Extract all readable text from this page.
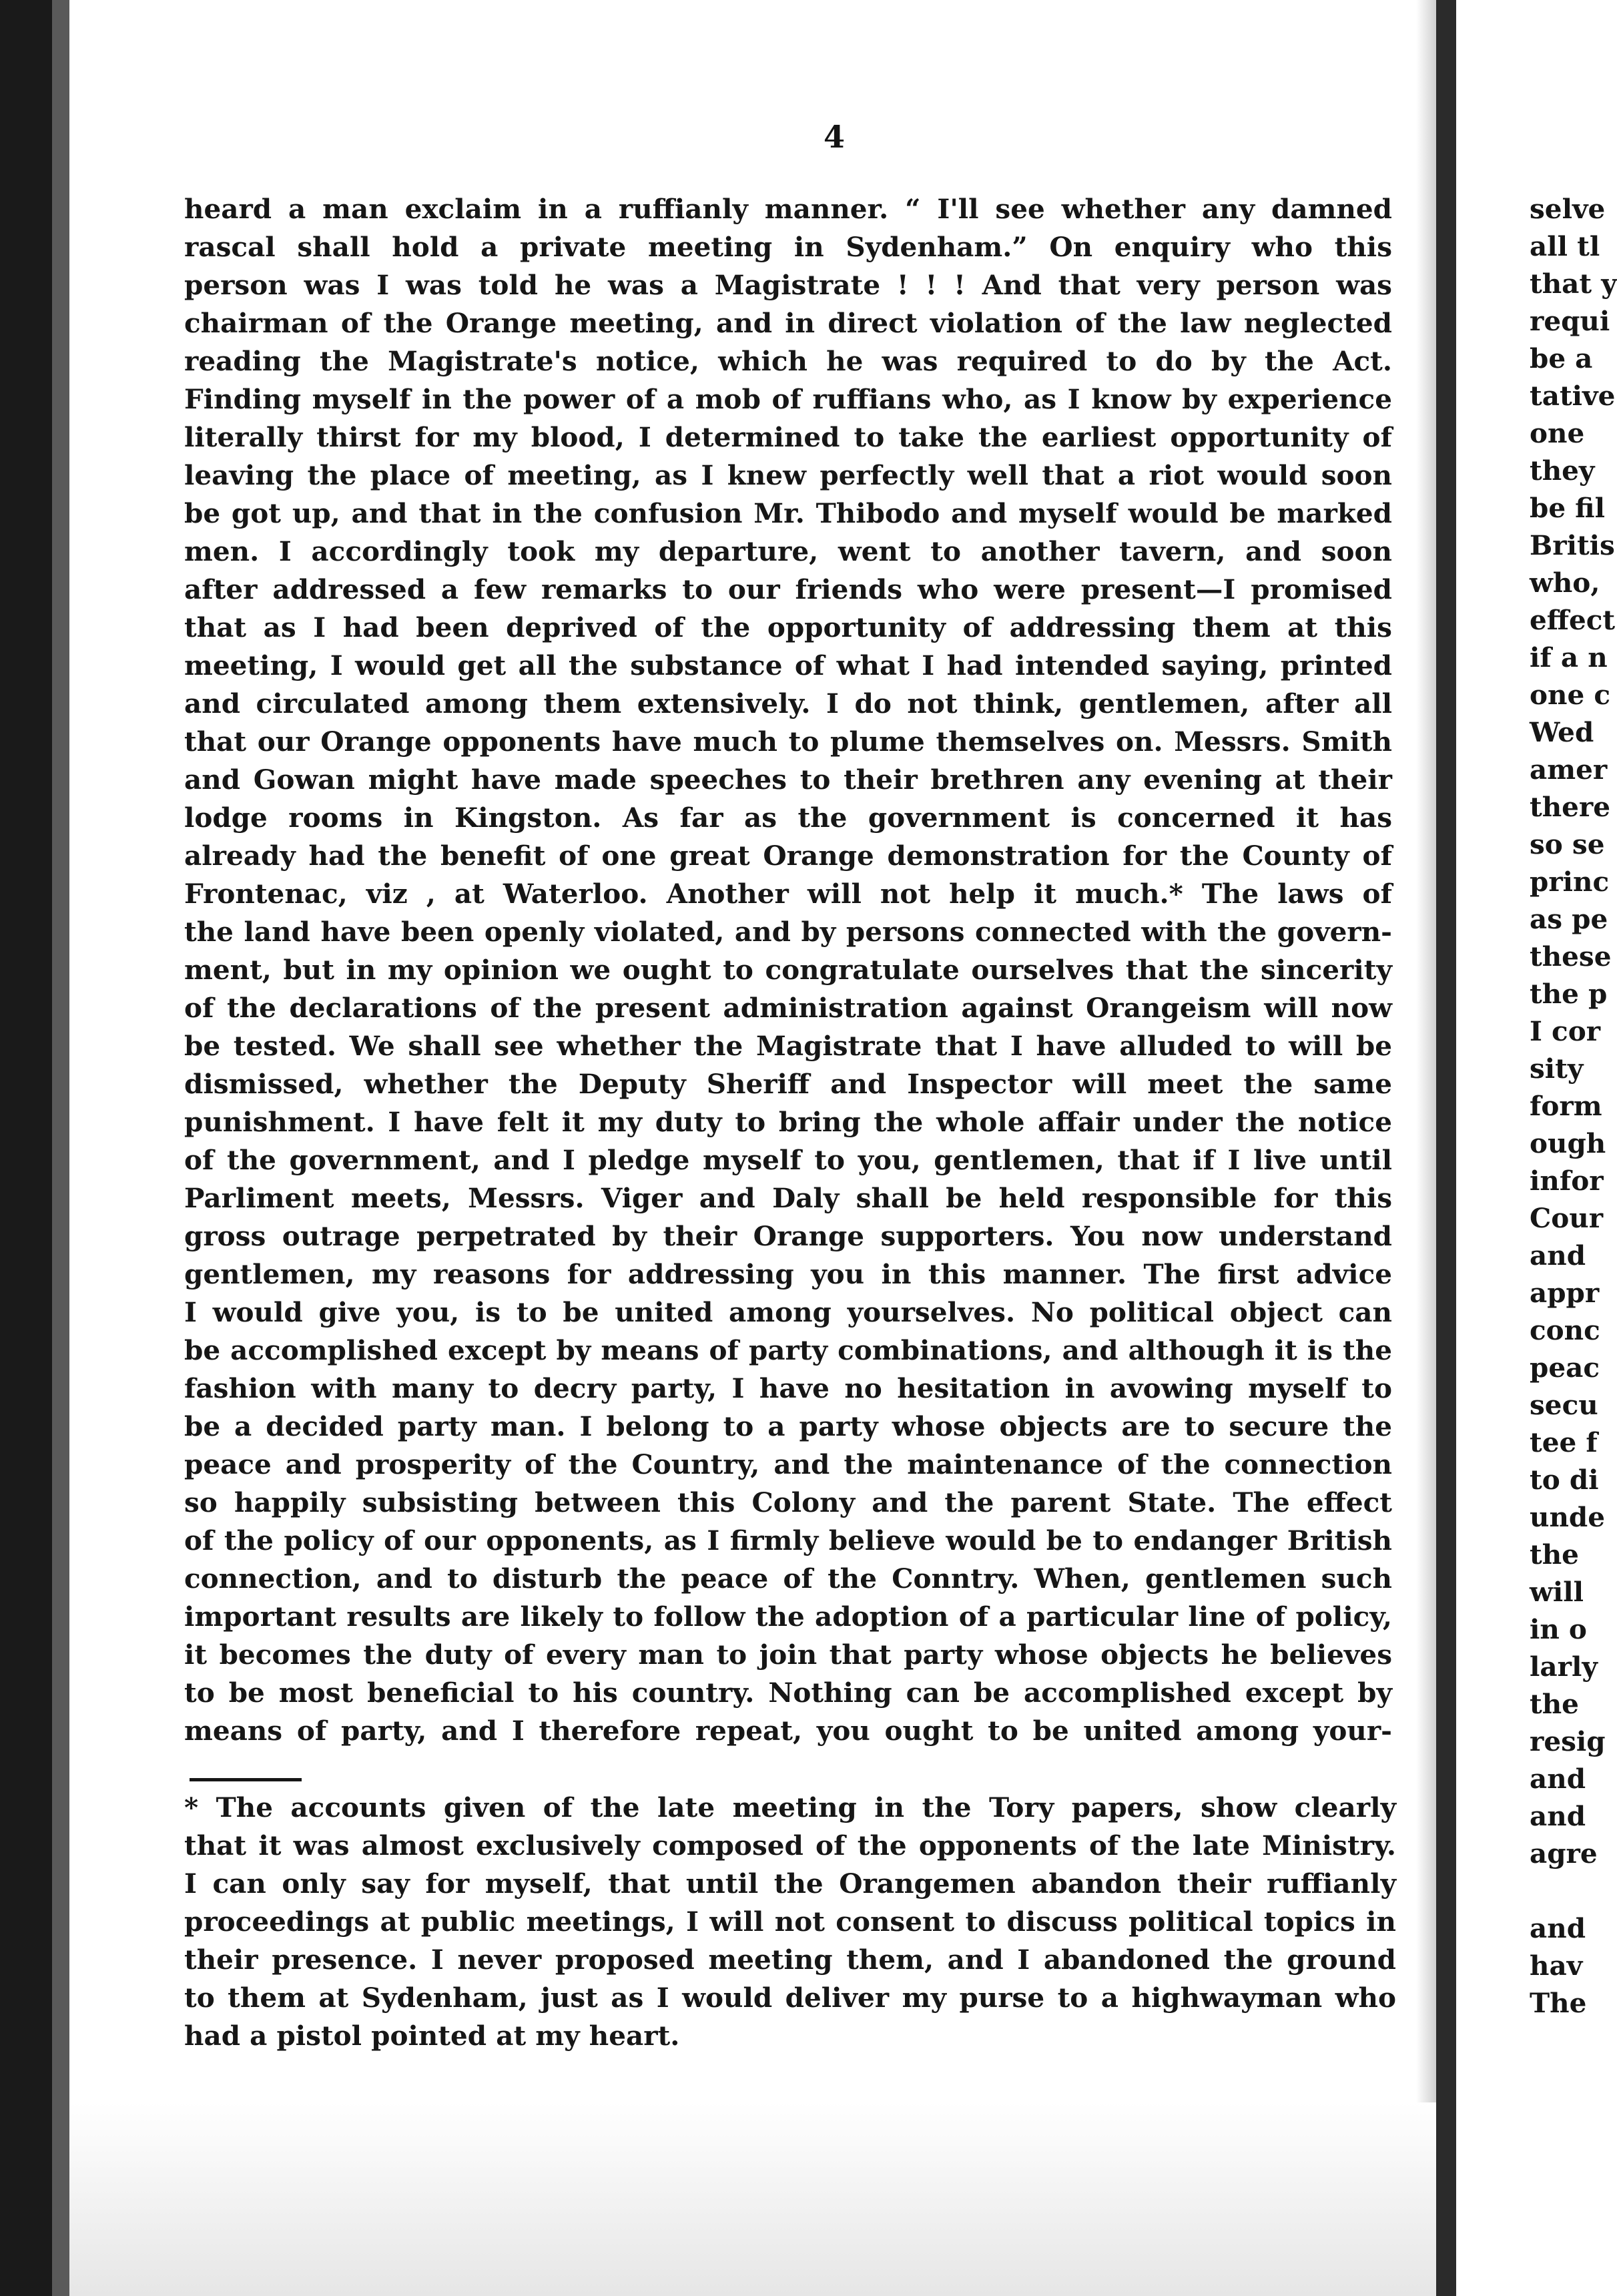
4
heard a man exclaim in a ruffianly manner. “ I'll see whether any damned
rascal shall hold a private meeting in Sydenham.” On enquiry who this
person was I was told he was a Magistrate ! ! ! And that very person was
chairman of the Orange meeting, and in direct violation of the law neglected
reading the Magistrate's notice, which he was required to do by the Act.
Finding myself in the power of a mob of ruffians who, as I know by experience
literally thirst for my blood, I determined to take the earliest opportunity of
leaving the place of meeting, as I knew perfectly well that a riot would soon
be got up, and that in the confusion Mr. Thibodo and myself would be marked
men. I accordingly took my departure, went to another tavern, and soon
after addressed a few remarks to our friends who were present—I promised
that as I had been deprived of the opportunity of addressing them at this
meeting, I would get all the substance of what I had intended saying, printed
and circulated among them extensively. I do not think, gentlemen, after all
that our Orange opponents have much to plume themselves on. Messrs. Smith
and Gowan might have made speeches to their brethren any evening at their
lodge rooms in Kingston. As far as the government is concerned it has
already had the benefit of one great Orange demonstration for the County of
Frontenac, viz , at Waterloo. Another will not help it much.* The laws of
the land have been openly violated, and by persons connected with the govern-
ment, but in my opinion we ought to congratulate ourselves that the sincerity
of the declarations of the present administration against Orangeism will now
be tested. We shall see whether the Magistrate that I have alluded to will be
dismissed, whether the Deputy Sheriff and Inspector will meet the same
punishment. I have felt it my duty to bring the whole affair under the notice
of the government, and I pledge myself to you, gentlemen, that if I live until
Parliment meets, Messrs. Viger and Daly shall be held responsible for this
gross outrage perpetrated by their Orange supporters. You now understand
gentlemen, my reasons for addressing you in this manner. The first advice
I would give you, is to be united among yourselves. No political object can
be accomplished except by means of party combinations, and although it is the
fashion with many to decry party, I have no hesitation in avowing myself to
be a decided party man. I belong to a party whose objects are to secure the
peace and prosperity of the Country, and the maintenance of the connection
so happily subsisting between this Colony and the parent State. The effect
of the policy of our opponents, as I firmly believe would be to endanger British
connection, and to disturb the peace of the Conntry. When, gentlemen such
important results are likely to follow the adoption of a particular line of policy,
it becomes the duty of every man to join that party whose objects he believes
to be most beneficial to his country. Nothing can be accomplished except by
means of party, and I therefore repeat, you ought to be united among your-
* The accounts given of the late meeting in the Tory papers, show clearly
that it was almost exclusively composed of the opponents of the late Ministry.
I can only say for myself, that until the Orangemen abandon their ruffianly
proceedings at public meetings, I will not consent to discuss political topics in
their presence. I never proposed meeting them, and I abandoned the ground
to them at Sydenham, just as I would deliver my purse to a highwayman who
had a pistol pointed at my heart.
selve
all tl
that y
requi
be a
tative
one
they
be fil
Britis
who,
effect
if a n
one c
Wed
amer
there
so se
princ
as pe
these
the p
I cor
sity
form
ough
infor
Cour
and
appr
conc
peac
secu
tee f
to di
unde
the
will
in o
larly
the
resig
and
and
agre
and
hav
The
